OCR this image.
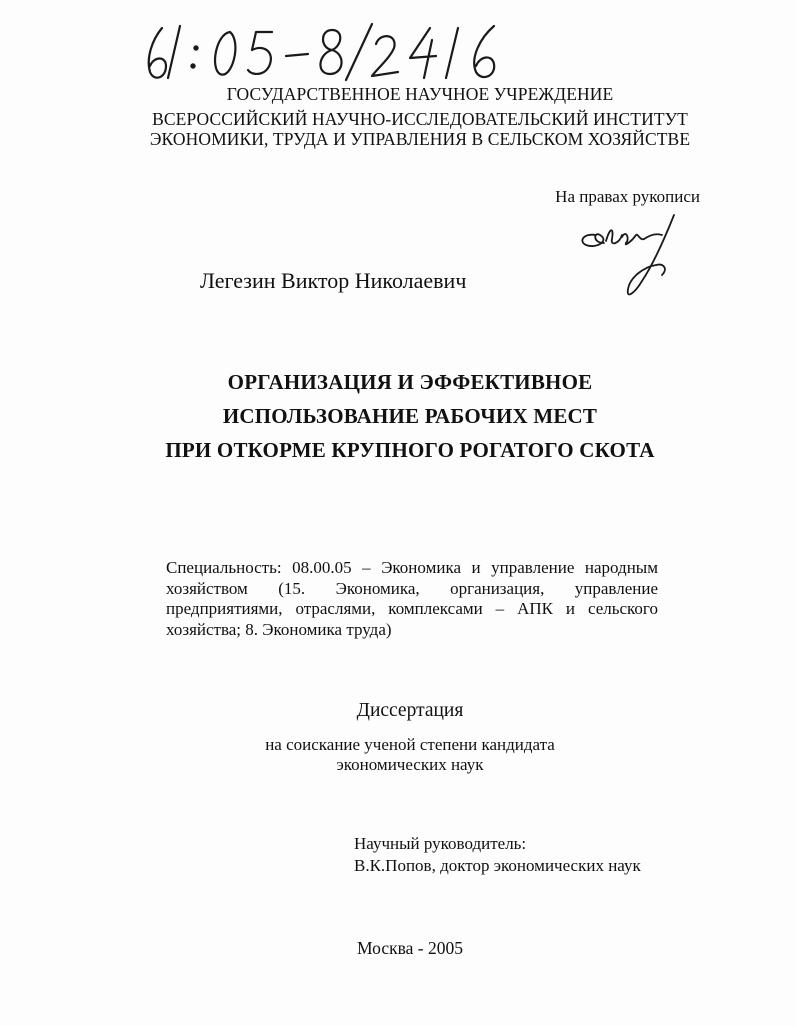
ГОСУДАРСТВЕННОЕ НАУЧНОЕ УЧРЕЖДЕНИЕ
ВСЕРОССИЙСКИЙ НАУЧНО-ИССЛЕДОВАТЕЛЬСКИЙ ИНСТИТУТ
ЭКОНОМИКИ, ТРУДА И УПРАВЛЕНИЯ В СЕЛЬСКОМ ХОЗЯЙСТВЕ
На правах рукописи
Легезин Виктор Николаевич
ОРГАНИЗАЦИЯ И ЭФФЕКТИВНОЕ
ИСПОЛЬЗОВАНИЕ РАБОЧИХ МЕСТ
ПРИ ОТКОРМЕ КРУПНОГО РОГАТОГО СКОТА
Специальность: 08.00.05 – Экономика и управление народным хозяйством (15. Экономика, организация, управление предприятиями, отраслями, комплексами – АПК и сельского хозяйства; 8. Экономика труда)
Диссертация
на соискание ученой степени кандидата
экономических наук
Научный руководитель:
В.К.Попов, доктор экономических наук
Москва - 2005
